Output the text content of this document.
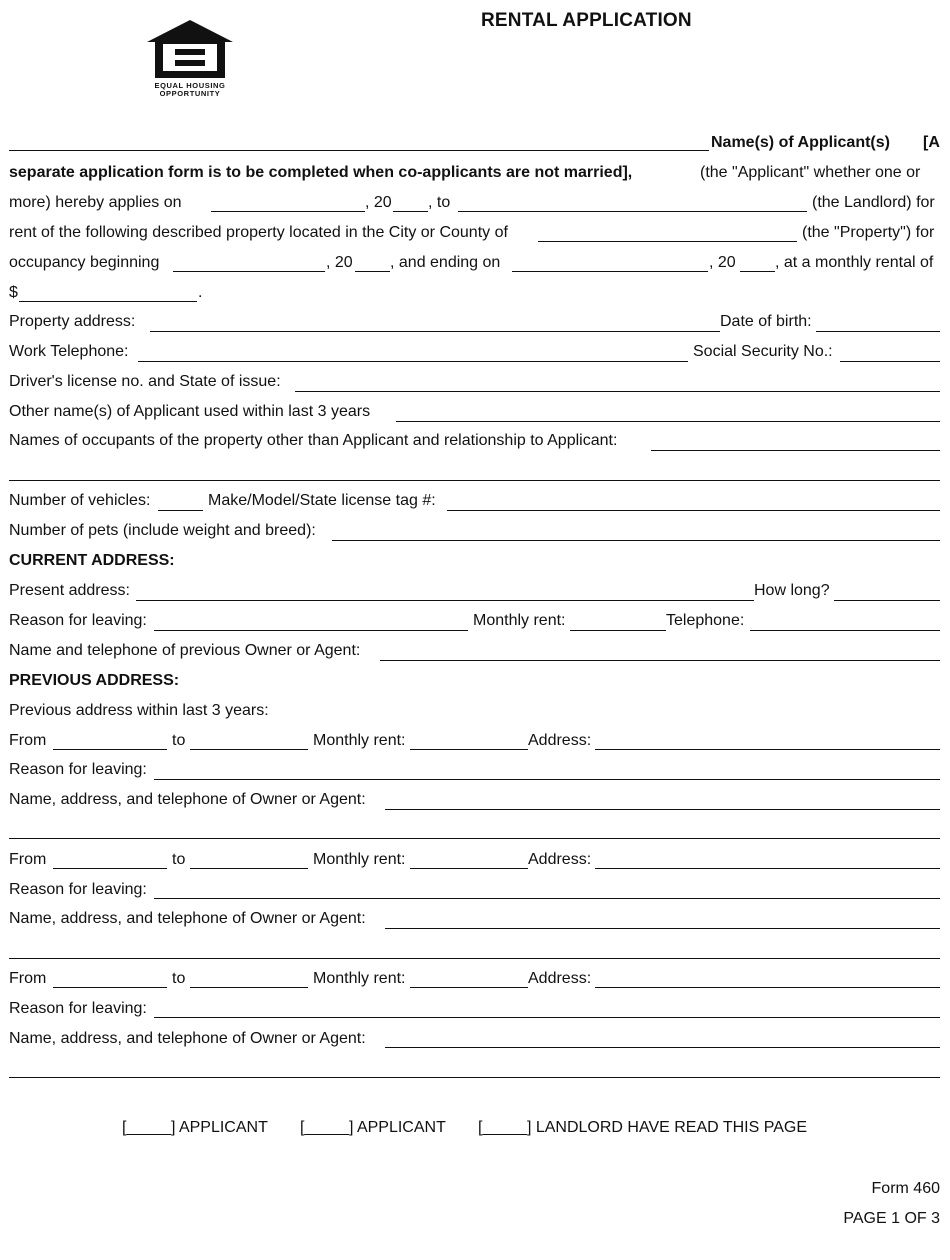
EQUAL HOUSING
OPPORTUNITY
RENTAL APPLICATION
Name(s) of Applicant(s) [A
separate application form is to be completed when co-applicants are not married],	(the "Applicant" whether one or
more) hereby applies on	, 20 , to	(the Landlord) for
rent of the following described property located in the City or County of	(the "Property") for
occupancy beginning	, 20 , and ending on	, 20 , at a monthly rental of
$	.
Property address:	Date of birth:
Work Telephone:	Social Security No.:
Driver's license no. and State of issue:
Other name(s) of Applicant used within last 3 years
Names of occupants of the property other than Applicant and relationship to Applicant:
Number of vehicles:	Make/Model/State license tag #:
Number of pets (include weight and breed):
CURRENT ADDRESS:
Present address:	How long?
Reason for leaving:	Monthly rent:	Telephone:
Name and telephone of previous Owner or Agent:
PREVIOUS ADDRESS:
Previous address within last 3 years:
From	to	Monthly rent:	Address:
Reason for leaving:
Name, address, and telephone of Owner or Agent:
From	to	Monthly rent:	Address:
Reason for leaving:
Name, address, and telephone of Owner or Agent:
From	to	Monthly rent:	Address:
Reason for leaving:
Name, address, and telephone of Owner or Agent:
[_____] APPLICANT [_____] APPLICANT [_____] LANDLORD HAVE READ THIS PAGE
Form 460
PAGE 1 OF 3
